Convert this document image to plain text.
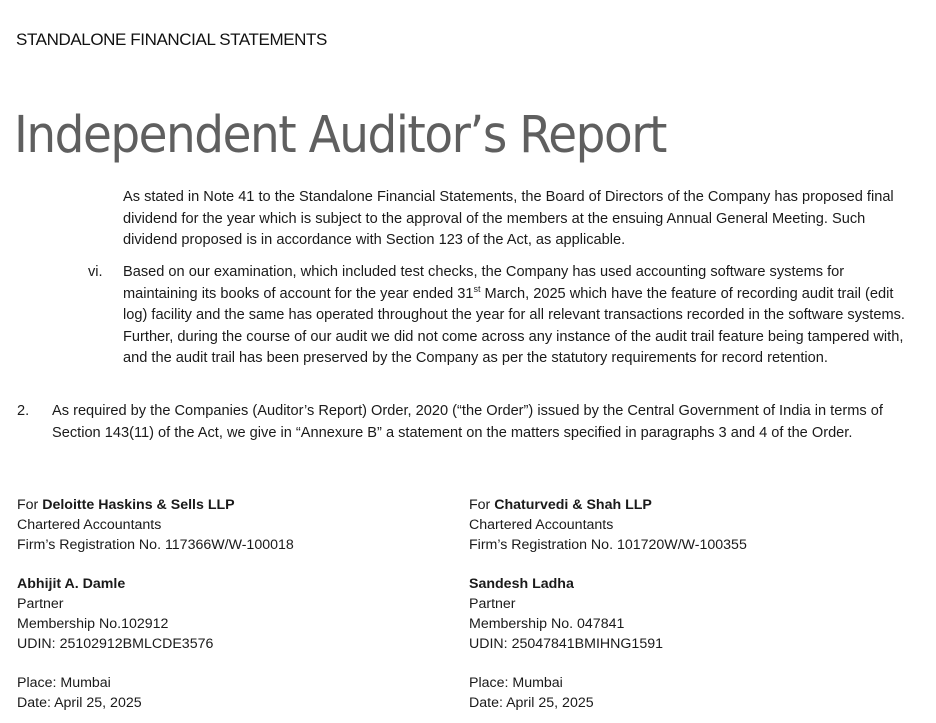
STANDALONE FINANCIAL STATEMENTS
Independent Auditor’s Report
As stated in Note 41 to the Standalone Financial Statements, the Board of Directors of the Company has proposed final dividend for the year which is subject to the approval of the members at the ensuing Annual General Meeting. Such dividend proposed is in accordance with Section 123 of the Act, as applicable.
vi. Based on our examination, which included test checks, the Company has used accounting software systems for maintaining its books of account for the year ended 31st March, 2025 which have the feature of recording audit trail (edit log) facility and the same has operated throughout the year for all relevant transactions recorded in the software systems. Further, during the course of our audit we did not come across any instance of the audit trail feature being tampered with, and the audit trail has been preserved by the Company as per the statutory requirements for record retention.
2. As required by the Companies (Auditor’s Report) Order, 2020 (“the Order”) issued by the Central Government of India in terms of Section 143(11) of the Act, we give in “Annexure B” a statement on the matters specified in paragraphs 3 and 4 of the Order.
For Deloitte Haskins & Sells LLP
Chartered Accountants
Firm’s Registration No. 117366W/W-100018
Abhijit A. Damle
Partner
Membership No.102912
UDIN: 25102912BMLCDE3576
Place: Mumbai
Date: April 25, 2025
For Chaturvedi & Shah LLP
Chartered Accountants
Firm’s Registration No. 101720W/W-100355
Sandesh Ladha
Partner
Membership No. 047841
UDIN: 25047841BMIHNG1591
Place: Mumbai
Date: April 25, 2025
